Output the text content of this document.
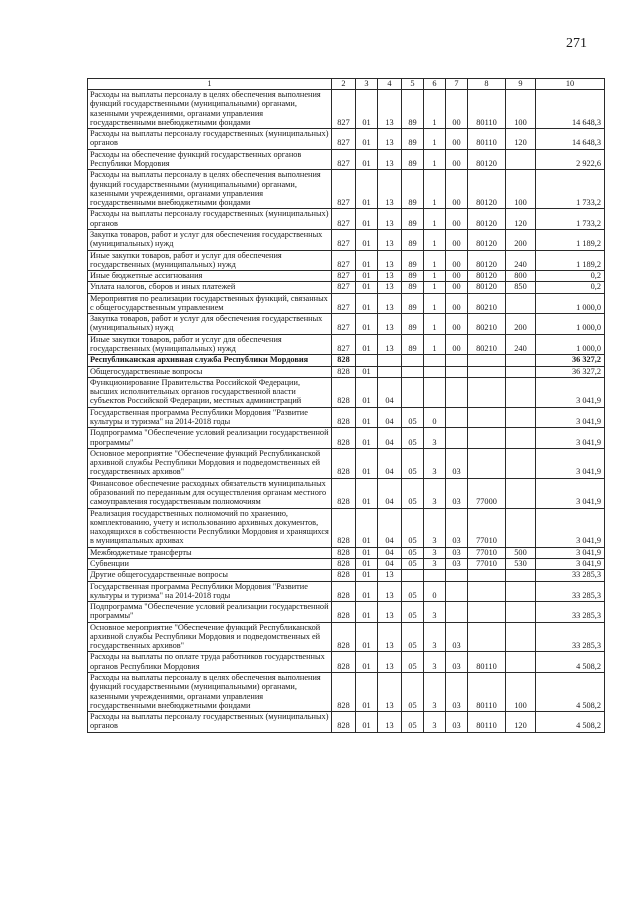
271
1	2	3	4	5	6	7	8	9	10
Расходы на выплаты персоналу в целях обеспечения выполнения функций государственными (муниципальными) органами, казенными учреждениями, органами управления государственными внебюджетными фондами	827	01	13	89	1	00	80110	100	14 648,3
Расходы на выплаты персоналу государственных (муниципальных) органов	827	01	13	89	1	00	80110	120	14 648,3
Расходы на обеспечение функций государственных органов Республики Мордовия	827	01	13	89	1	00	80120		2 922,6
Расходы на выплаты персоналу в целях обеспечения выполнения функций государственными (муниципальными) органами, казенными учреждениями, органами управления государственными внебюджетными фондами	827	01	13	89	1	00	80120	100	1 733,2
Расходы на выплаты персоналу государственных (муниципальных) органов	827	01	13	89	1	00	80120	120	1 733,2
Закупка товаров, работ и услуг для обеспечения государственных (муниципальных) нужд	827	01	13	89	1	00	80120	200	1 189,2
Иные закупки товаров, работ и услуг для обеспечения государственных (муниципальных) нужд	827	01	13	89	1	00	80120	240	1 189,2
Иные бюджетные ассигнования	827	01	13	89	1	00	80120	800	0,2
Уплата налогов, сборов и иных платежей	827	01	13	89	1	00	80120	850	0,2
Мероприятия по реализации государственных функций, связанных с общегосударственным управлением	827	01	13	89	1	00	80210		1 000,0
Закупка товаров, работ и услуг для обеспечения государственных (муниципальных) нужд	827	01	13	89	1	00	80210	200	1 000,0
Иные закупки товаров, работ и услуг для обеспечения государственных (муниципальных) нужд	827	01	13	89	1	00	80210	240	1 000,0
Республиканская архивная служба Республики Мордовия	828								36 327,2
Общегосударственные вопросы	828	01							36 327,2
Функционирование Правительства Российской Федерации, высших исполнительных органов государственной власти субъектов Российской Федерации, местных администраций	828	01	04						3 041,9
Государственная программа Республики Мордовия "Развитие культуры и туризма" на 2014-2018 годы	828	01	04	05	0				3 041,9
Подпрограмма "Обеспечение условий реализации государственной программы"	828	01	04	05	3				3 041,9
Основное мероприятие "Обеспечение функций Республиканской архивной службы Республики Мордовия и подведомственных ей государственных архивов"	828	01	04	05	3	03			3 041,9
Финансовое обеспечение расходных обязательств муниципальных образований по переданным для осуществления органам местного самоуправления государственным полномочиям	828	01	04	05	3	03	77000		3 041,9
Реализация государственных полномочий по хранению, комплектованию, учету и использованию архивных документов, находящихся в собственности Республики Мордовия и хранящихся в муниципальных архивах	828	01	04	05	3	03	77010		3 041,9
Межбюджетные трансферты	828	01	04	05	3	03	77010	500	3 041,9
Субвенции	828	01	04	05	3	03	77010	530	3 041,9
Другие общегосударственные вопросы	828	01	13						33 285,3
Государственная программа Республики Мордовия "Развитие культуры и туризма" на 2014-2018 годы	828	01	13	05	0				33 285,3
Подпрограмма "Обеспечение условий реализации государственной программы"	828	01	13	05	3				33 285,3
Основное мероприятие "Обеспечение функций Республиканской архивной службы Республики Мордовия и подведомственных ей государственных архивов"	828	01	13	05	3	03			33 285,3
Расходы на выплаты по оплате труда работников государственных органов Республики Мордовия	828	01	13	05	3	03	80110		4 508,2
Расходы на выплаты персоналу в целях обеспечения выполнения функций государственными (муниципальными) органами, казенными учреждениями, органами управления государственными внебюджетными фондами	828	01	13	05	3	03	80110	100	4 508,2
Расходы на выплаты персоналу государственных (муниципальных) органов	828	01	13	05	3	03	80110	120	4 508,2
